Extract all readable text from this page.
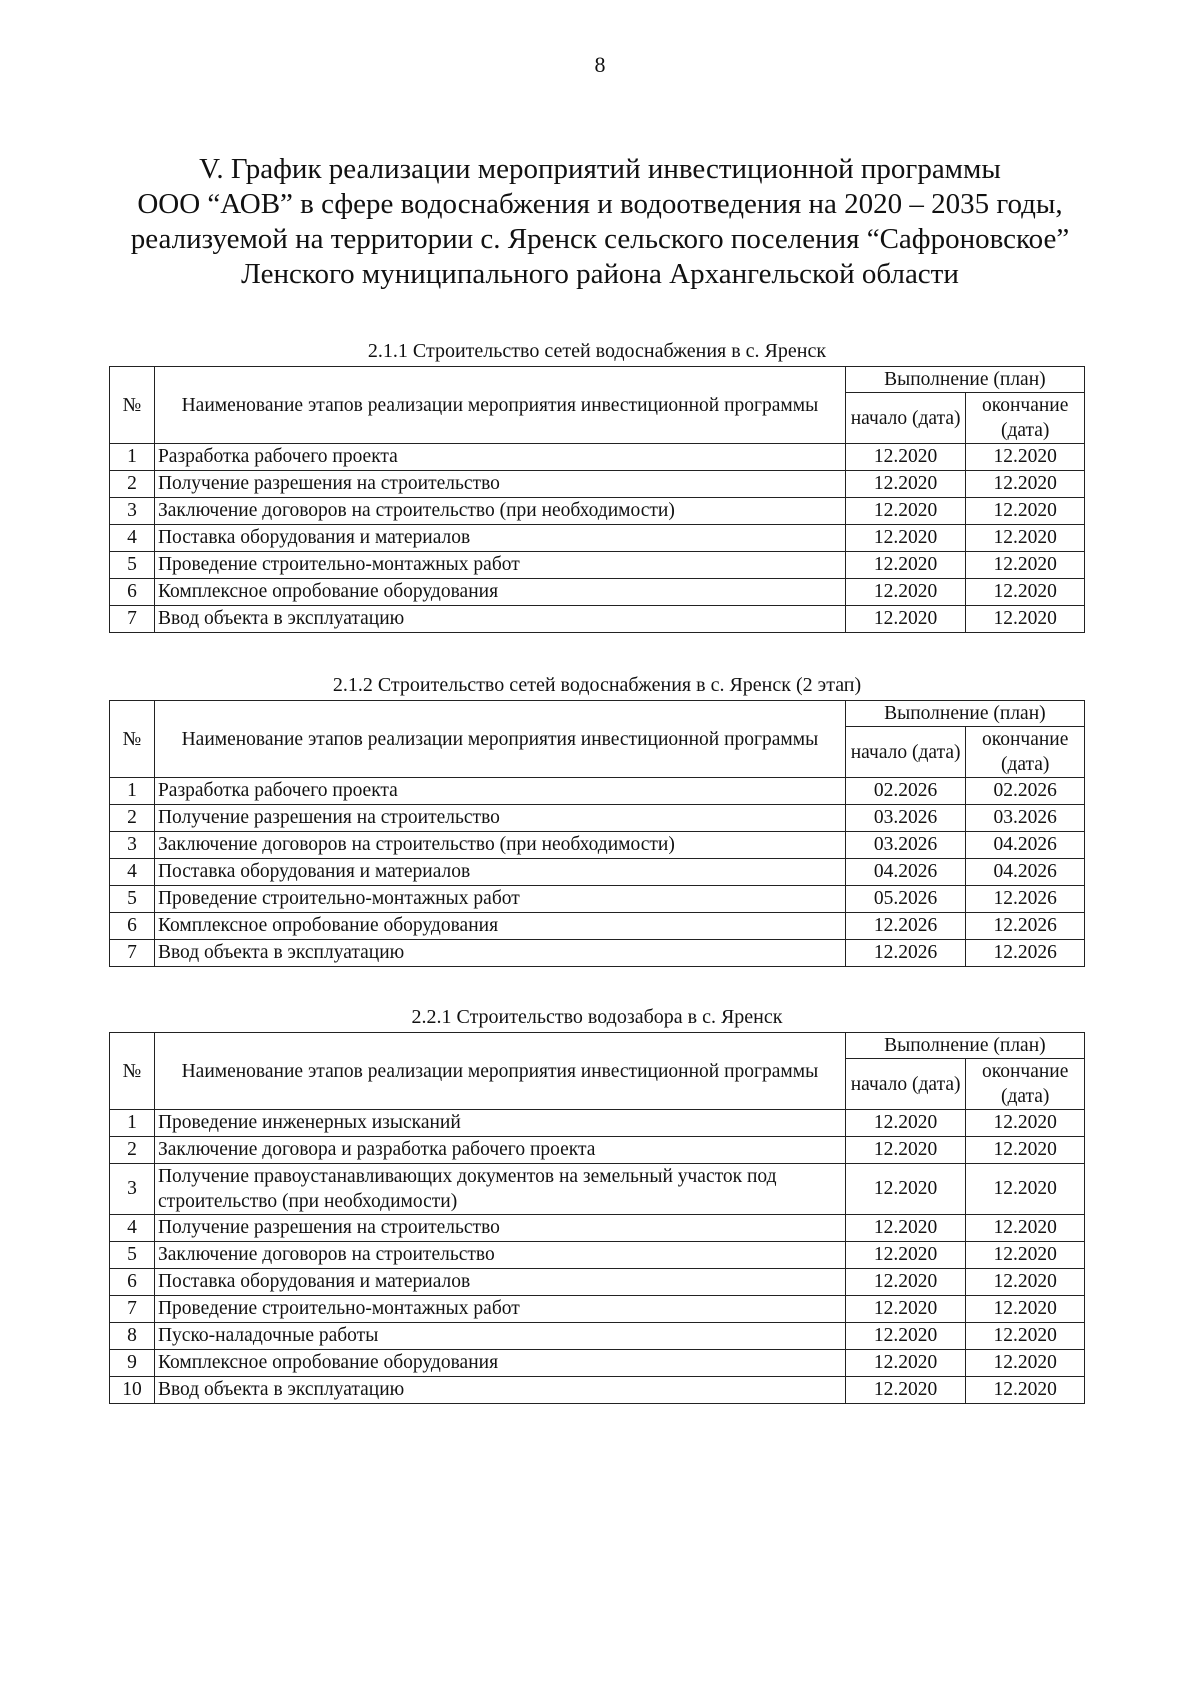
8
V. График реализации мероприятий инвестиционной программы
ООО “АОВ” в сфере водоснабжения и водоотведения на 2020 – 2035 годы,
реализуемой на территории с. Яренск сельского поселения “Сафроновское”
Ленского муниципального района Архангельской области
2.1.1 Строительство сетей водоснабжения в с. Яренск
№	Наименование этапов реализации мероприятия инвестиционной программы	Выполнение (план)	
		начало (дата)	окончание (дата)
1	Разработка рабочего проекта	12.2020	12.2020
2	Получение разрешения на строительство	12.2020	12.2020
3	Заключение договоров на строительство (при необходимости)	12.2020	12.2020
4	Поставка оборудования и материалов	12.2020	12.2020
5	Проведение строительно-монтажных работ	12.2020	12.2020
6	Комплексное опробование оборудования	12.2020	12.2020
7	Ввод объекта в эксплуатацию	12.2020	12.2020
2.1.2 Строительство сетей водоснабжения в с. Яренск (2 этап)
№	Наименование этапов реализации мероприятия инвестиционной программы	Выполнение (план)	
		начало (дата)	окончание (дата)
1	Разработка рабочего проекта	02.2026	02.2026
2	Получение разрешения на строительство	03.2026	03.2026
3	Заключение договоров на строительство (при необходимости)	03.2026	04.2026
4	Поставка оборудования и материалов	04.2026	04.2026
5	Проведение строительно-монтажных работ	05.2026	12.2026
6	Комплексное опробование оборудования	12.2026	12.2026
7	Ввод объекта в эксплуатацию	12.2026	12.2026
2.2.1 Строительство водозабора в с. Яренск
№	Наименование этапов реализации мероприятия инвестиционной программы	Выполнение (план)	
		начало (дата)	окончание (дата)
1	Проведение инженерных изысканий	12.2020	12.2020
2	Заключение договора и разработка рабочего проекта	12.2020	12.2020
3	Получение правоустанавливающих документов на земельный участок под строительство (при необходимости)	12.2020	12.2020
4	Получение разрешения на строительство	12.2020	12.2020
5	Заключение договоров на строительство	12.2020	12.2020
6	Поставка оборудования и материалов	12.2020	12.2020
7	Проведение строительно-монтажных работ	12.2020	12.2020
8	Пуско-наладочные работы	12.2020	12.2020
9	Комплексное опробование оборудования	12.2020	12.2020
10	Ввод объекта в эксплуатацию	12.2020	12.2020
